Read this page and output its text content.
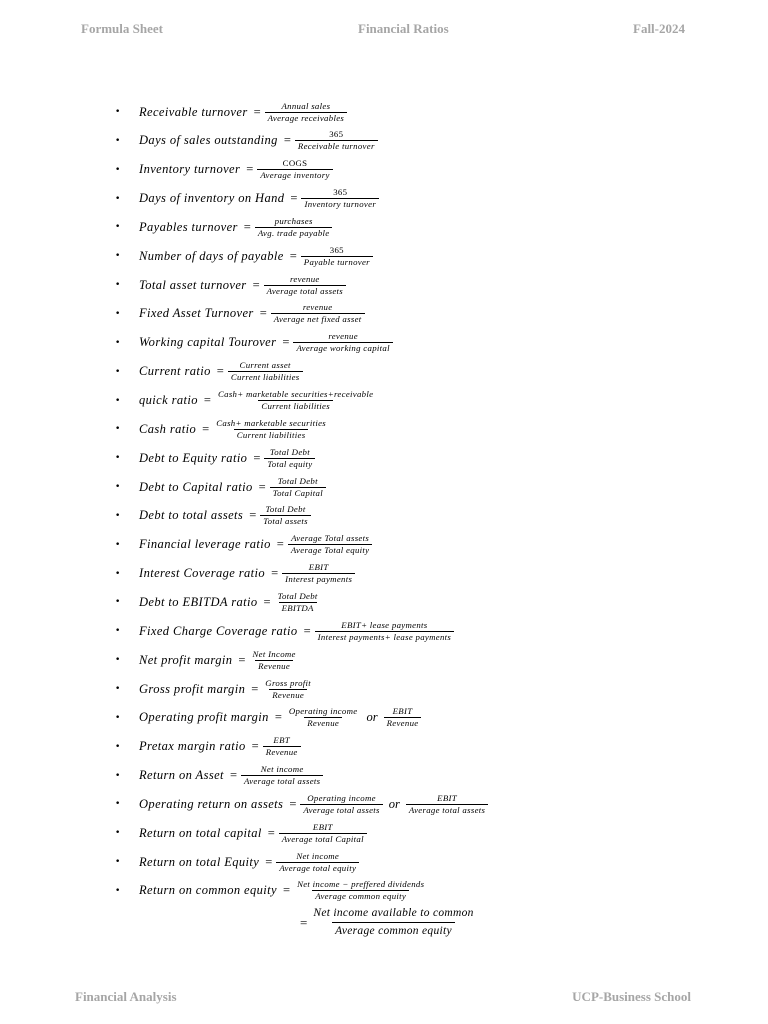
Formula Sheet	Financial Ratios	Fall-2024
•	Receivable turnover = $\frac{\text{Annual sales}}{\text{Average receivables}}$
•	Days of sales outstanding = $\frac{365}{\text{Receivable turnover}}$
•	Inventory turnover = $\frac{\text{COGS}}{\text{Average inventory}}$
•	Days of inventory on Hand = $\frac{365}{\text{Inventory turnover}}$
•	Payables turnover = $\frac{\text{purchases}}{\text{Avg. trade payable}}$
•	Number of days of payable = $\frac{365}{\text{Payable turnover}}$
•	Total asset turnover = $\frac{\text{revenue}}{\text{Average total assets}}$
•	Fixed Asset Turnover = $\frac{\text{revenue}}{\text{Average net fixed asset}}$
•	Working capital Tourover = $\frac{\text{revenue}}{\text{Average working capital}}$
•	Current ratio = $\frac{\text{Current asset}}{\text{Current liabilities}}$
•	quick ratio = $\frac{\text{Cash+ marketable securities+receivable}}{\text{Current liabilities}}$
•	Cash ratio = $\frac{\text{Cash+ marketable securities}}{\text{Current liabilities}}$
•	Debt to Equity ratio = $\frac{\text{Total Debt}}{\text{Total equity}}$
•	Debt to Capital ratio = $\frac{\text{Total Debt}}{\text{Total Capital}}$
•	Debt to total assets = $\frac{\text{Total Debt}}{\text{Total assets}}$
•	Financial leverage ratio = $\frac{\text{Average Total assets}}{\text{Average Total equity}}$
•	Interest Coverage ratio = $\frac{\text{EBIT}}{\text{Interest payments}}$
•	Debt to EBITDA ratio = $\frac{\text{Total Debt}}{\text{EBITDA}}$
•	Fixed Charge Coverage ratio = $\frac{\text{EBIT+ lease payments}}{\text{Interest payments+ lease payments}}$
•	Net profit margin = $\frac{\text{Net Income}}{\text{Revenue}}$
•	Gross profit margin = $\frac{\text{Gross profit}}{\text{Revenue}}$
•	Operating profit margin = $\frac{\text{Operating income}}{\text{Revenue}}$ or $\frac{\text{EBIT}}{\text{Revenue}}$
•	Pretax margin ratio = $\frac{\text{EBT}}{\text{Revenue}}$
•	Return on Asset = $\frac{\text{Net income}}{\text{Average total assets}}$
•	Operating return on assets = $\frac{\text{Operating income}}{\text{Average total assets}}$ or $\frac{\text{EBIT}}{\text{Average total assets}}$
•	Return on total capital = $\frac{\text{EBIT}}{\text{Average total Capital}}$
•	Return on total Equity = $\frac{\text{Net income}}{\text{Average total equity}}$
•	Return on common equity = $\frac{\text{Net income − preffered dividends}}{\text{Average common equity}}$
= $\frac{\text{Net income available to common}}{\text{Average common equity}}$
Financial Analysis	UCP-Business School
